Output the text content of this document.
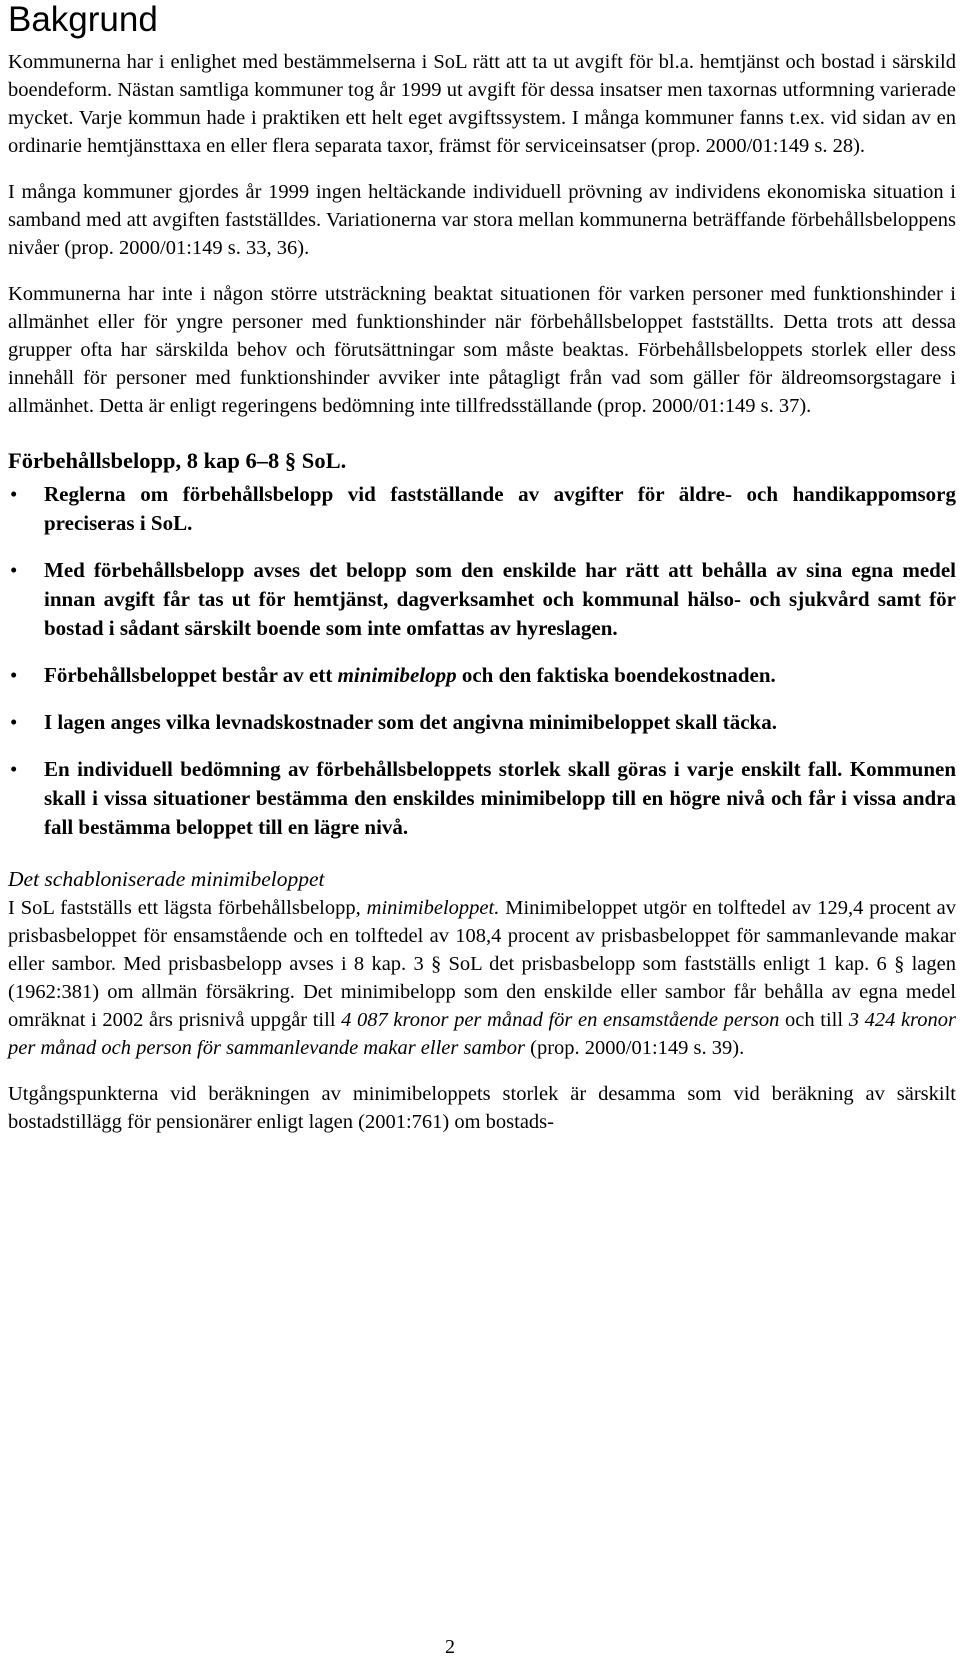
Bakgrund

Kommunerna har i enlighet med bestämmelserna i SoL rätt att ta ut avgift för bl.a. hemtjänst och bostad i särskild boendeform. Nästan samtliga kommuner tog år 1999 ut avgift för dessa insatser men taxornas utformning varierade mycket. Varje kommun hade i praktiken ett helt eget avgiftssystem. I många kommuner fanns t.ex. vid sidan av en ordinarie hemtjänsttaxa en eller flera separata taxor, främst för serviceinsatser (prop. 2000/01:149 s. 28).

I många kommuner gjordes år 1999 ingen heltäckande individuell prövning av individens ekonomiska situation i samband med att avgiften fastställdes. Variationerna var stora mellan kommunerna beträffande förbehållsbeloppens nivåer (prop. 2000/01:149 s. 33, 36).

Kommunerna har inte i någon större utsträckning beaktat situationen för varken personer med funktionshinder i allmänhet eller för yngre personer med funktionshinder när förbehållsbeloppet fastställts. Detta trots att dessa grupper ofta har särskilda behov och förutsättningar som måste beaktas. Förbehållsbeloppets storlek eller dess innehåll för personer med funktionshinder avviker inte påtagligt från vad som gäller för äldreomsorgstagare i allmänhet. Detta är enligt regeringens bedömning inte tillfredsställande (prop. 2000/01:149 s. 37).

Förbehållsbelopp, 8 kap 6–8 § SoL.
• Reglerna om förbehållsbelopp vid fastställande av avgifter för äldre- och handikappomsorg preciseras i SoL.
• Med förbehållsbelopp avses det belopp som den enskilde har rätt att behålla av sina egna medel innan avgift får tas ut för hemtjänst, dagverksamhet och kommunal hälso- och sjukvård samt för bostad i sådant särskilt boende som inte omfattas av hyreslagen.
• Förbehållsbeloppet består av ett minimibelopp och den faktiska boendekostnaden.
• I lagen anges vilka levnadskostnader som det angivna minimibeloppet skall täcka.
• En individuell bedömning av förbehållsbeloppets storlek skall göras i varje enskilt fall. Kommunen skall i vissa situationer bestämma den enskildes minimibelopp till en högre nivå och får i vissa andra fall bestämma beloppet till en lägre nivå.
Det schabloniserade minimibeloppet

I SoL fastställs ett lägsta förbehållsbelopp, minimibeloppet. Minimibeloppet utgör en tolftedel av 129,4 procent av prisbasbeloppet för ensamstående och en tolftedel av 108,4 procent av prisbasbeloppet för sammanlevande makar eller sambor. Med prisbasbelopp avses i 8 kap. 3 § SoL det prisbasbelopp som fastställs enligt 1 kap. 6 § lagen (1962:381) om allmän försäkring. Det minimibelopp som den enskilde eller sambor får behålla av egna medel omräknat i 2002 års prisnivå uppgår till 4 087 kronor per månad för en ensamstående person och till 3 424 kronor per månad och person för sammanlevande makar eller sambor (prop. 2000/01:149 s. 39).

Utgångspunkterna vid beräkningen av minimibeloppets storlek är desamma som vid beräkning av särskilt bostadstillägg för pensionärer enligt lagen (2001:761) om bostads-

2
